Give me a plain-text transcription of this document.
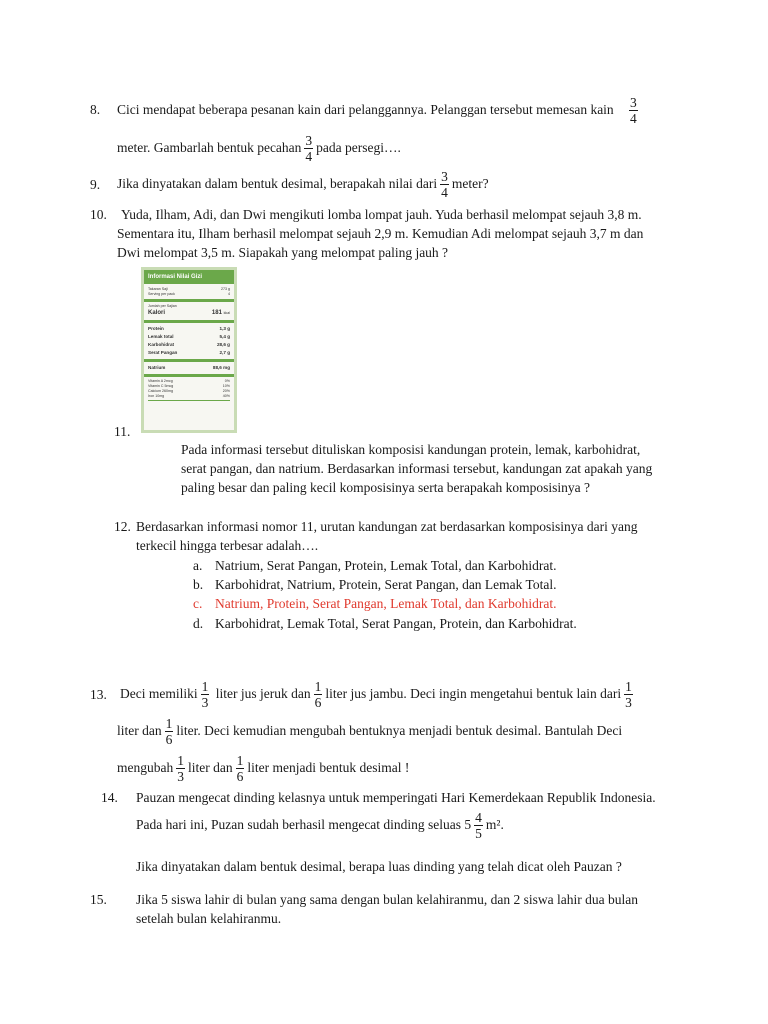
8. Cici mendapat beberapa pesanan kain dari pelanggannya. Pelanggan tersebut memesan kain $\frac{3}{4}$
meter. Gambarlah bentuk pecahan $\frac{3}{4}$ pada persegi….
9. Jika dinyatakan dalam bentuk desimal, berapakah nilai dari $\frac{3}{4}$ meter?
10. Yuda, Ilham, Adi, dan Dwi mengikuti lomba lompat jauh. Yuda berhasil melompat sejauh 3,8 m.
Sementara itu, Ilham berhasil melompat sejauh 2,9 m. Kemudian Adi melompat sejauh 3,7 m dan
Dwi melompat 3,5 m. Siapakah yang melompat paling jauh ?
Informasi Nilai Gizi
Takaran Saji	273 g
Serving per pack	4
Jumlah per Sajian
Kalori	181 kkal
Protein	1,3 g
Lemak total	5,4 g
Karbohidrat	28,6 g
Serat Pangan	2,7 g
Natrium	88,6 mg
Vitamin A 2mcg	0%
Vitamin C 5mcg	10%
Calcium 260mg	20%
Iron 10mg	40%
11.
Pada informasi tersebut dituliskan komposisi kandungan protein, lemak, karbohidrat,
serat pangan, dan natrium. Berdasarkan informasi tersebut, kandungan zat apakah yang
paling besar dan paling kecil komposisinya serta berapakah komposisinya ?
12. Berdasarkan informasi nomor 11, urutan kandungan zat berdasarkan komposisinya dari yang
terkecil hingga terbesar adalah….
a. Natrium, Serat Pangan, Protein, Lemak Total, dan Karbohidrat.
b. Karbohidrat, Natrium, Protein, Serat Pangan, dan Lemak Total.
c. Natrium, Protein, Serat Pangan, Lemak Total, dan Karbohidrat.
d. Karbohidrat, Lemak Total, Serat Pangan, Protein, dan Karbohidrat.
13. Deci memiliki $\frac{1}{3}$ liter jus jeruk dan $\frac{1}{6}$ liter jus jambu. Deci ingin mengetahui bentuk lain dari $\frac{1}{3}$
liter dan $\frac{1}{6}$ liter. Deci kemudian mengubah bentuknya menjadi bentuk desimal. Bantulah Deci
mengubah $\frac{1}{3}$ liter dan $\frac{1}{6}$ liter menjadi bentuk desimal !
14. Pauzan mengecat dinding kelasnya untuk memperingati Hari Kemerdekaan Republik Indonesia.
Pada hari ini, Puzan sudah berhasil mengecat dinding seluas $5 \frac{4}{5} m^2$.
Jika dinyatakan dalam bentuk desimal, berapa luas dinding yang telah dicat oleh Pauzan ?
15. Jika 5 siswa lahir di bulan yang sama dengan bulan kelahiranmu, dan 2 siswa lahir dua bulan
setelah bulan kelahiranmu.
